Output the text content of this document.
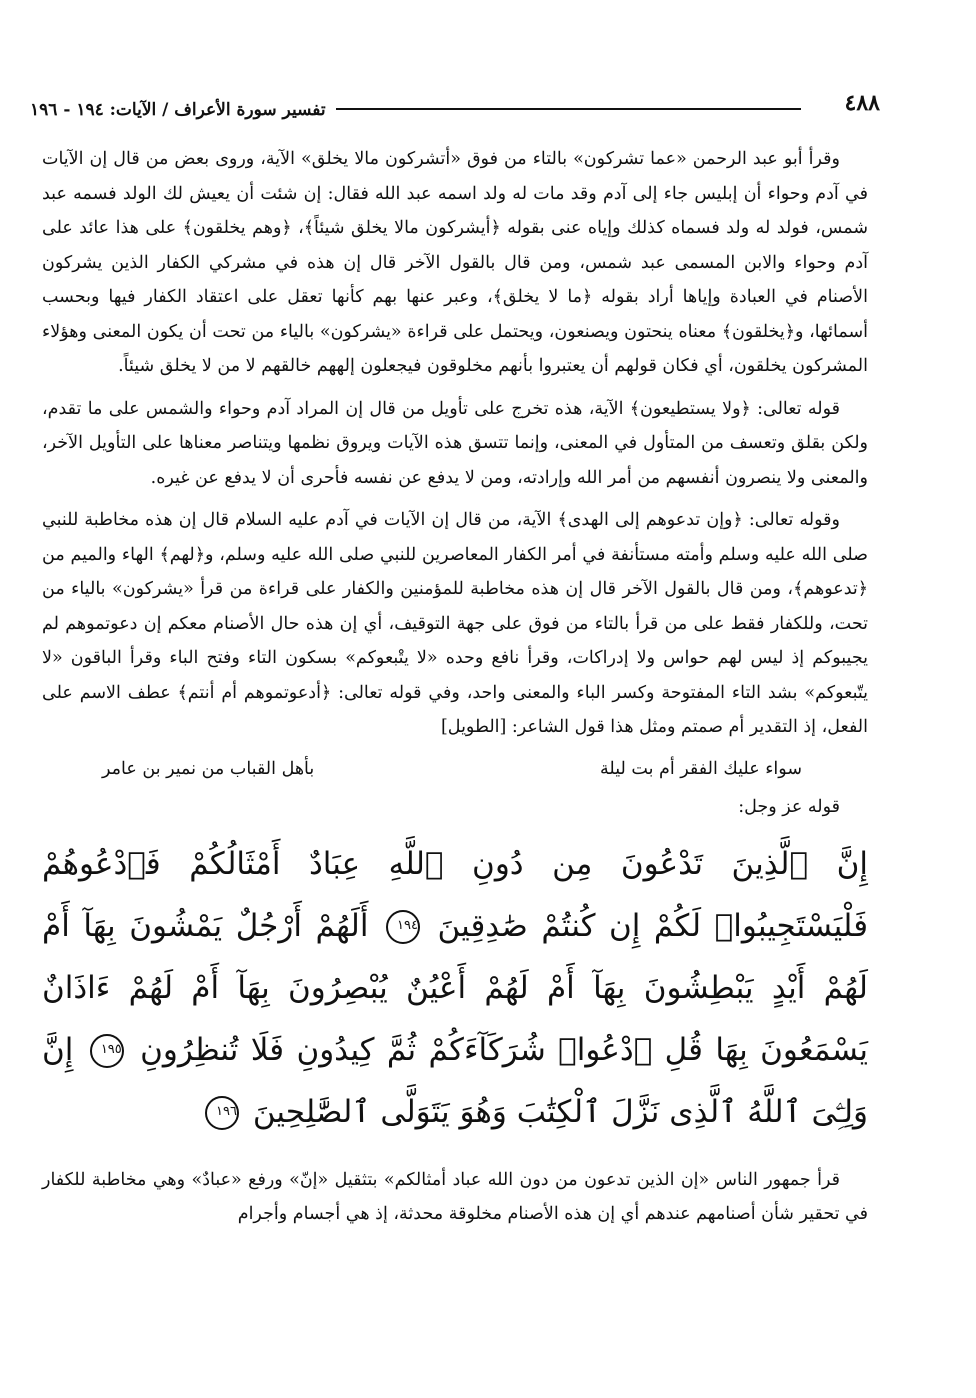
٤٨٨
تفسير سورة الأعراف / الآيات: ١٩٤ - ١٩٦

وقرأ أبو عبد الرحمن «عما تشركون» بالتاء من فوق «أتشركون مالا يخلق» الآية، وروى بعض من قال إن الآيات في آدم وحواء أن إبليس جاء إلى آدم وقد مات له ولد اسمه عبد الله فقال: إن شئت أن يعيش لك الولد فسمه عبد شمس، فولد له ولد فسماه كذلك وإياه عنى بقوله ﴿أيشركون مالا يخلق شيئاً﴾، ﴿وهم يخلقون﴾ على هذا عائد على آدم وحواء والابن المسمى عبد شمس، ومن قال بالقول الآخر قال إن هذه في مشركي الكفار الذين يشركون الأصنام في العبادة وإياها أراد بقوله ﴿ما لا يخلق﴾، وعبر عنها بهم كأنها تعقل على اعتقاد الكفار فيها وبحسب أسمائها، و﴿يخلقون﴾ معناه ينحتون ويصنعون، ويحتمل على قراءة «يشركون» بالياء من تحت أن يكون المعنى وهؤلاء المشركون يخلقون، أي فكان قولهم أن يعتبروا بأنهم مخلوقون فيجعلون إلههم خالقهم لا من لا يخلق شيئاً.

قوله تعالى: ﴿ولا يستطيعون﴾ الآية، هذه تخرج على تأويل من قال إن المراد آدم وحواء والشمس على ما تقدم، ولكن بقلق وتعسف من المتأول في المعنى، وإنما تتسق هذه الآيات ويروق نظمها ويتناصر معناها على التأويل الآخر، والمعنى ولا ينصرون أنفسهم من أمر الله وإرادته، ومن لا يدفع عن نفسه فأحرى أن لا يدفع عن غيره.

وقوله تعالى: ﴿وإن تدعوهم إلى الهدى﴾ الآية، من قال إن الآيات في آدم عليه السلام قال إن هذه مخاطبة للنبي صلى الله عليه وسلم وأمته مستأنفة في أمر الكفار المعاصرين للنبي صلى الله عليه وسلم، و﴿لهم﴾ الهاء والميم من ﴿تدعوهم﴾، ومن قال بالقول الآخر قال إن هذه مخاطبة للمؤمنين والكفار على قراءة من قرأ «يشركون» بالياء من تحت، وللكفار فقط على من قرأ بالتاء من فوق على جهة التوقيف، أي إن هذه حال الأصنام معكم إن دعوتموهم لم يجيبوكم إذ ليس لهم حواس ولا إدراكات، وقرأ نافع وحده «لا يتْبعوكم» بسكون التاء وفتح الباء وقرأ الباقون «لا يتّبعوكم» بشد التاء المفتوحة وكسر الباء والمعنى واحد، وفي قوله تعالى: ﴿أدعوتموهم أم أنتم﴾ عطف الاسم على الفعل، إذ التقدير أم صمتم ومثل هذا قول الشاعر: [الطويل]

سواء عليك الفقر أم بت ليلة
بأهل القباب من نمير بن عامر
قوله عز وجل:
إِنَّ ٱلَّذِينَ تَدْعُونَ مِن دُونِ ٱللَّهِ عِبَادٌ أَمْثَالُكُمْ فَٱدْعُوهُمْ فَلْيَسْتَجِيبُوا۟ لَكُمْ إِن كُنتُمْ صَٰدِقِينَ ١٩٤ أَلَهُمْ أَرْجُلٌ يَمْشُونَ بِهَآ أَمْ لَهُمْ أَيْدٍ يَبْطِشُونَ بِهَآ أَمْ لَهُمْ أَعْيُنٌ يُبْصِرُونَ بِهَآ أَمْ لَهُمْ ءَاذَانٌ يَسْمَعُونَ بِهَا قُلِ ٱدْعُوا۟ شُرَكَآءَكُمْ ثُمَّ كِيدُونِ فَلَا تُنظِرُونِ ١٩٥ إِنَّ وَلِـِّۧىَ ٱللَّهُ ٱلَّذِى نَزَّلَ ٱلْكِتَٰبَ وَهُوَ يَتَوَلَّى ٱلصَّٰلِحِينَ ١٩٦

قرأ جمهور الناس «إن الذين تدعون من دون الله عباد أمثالكم» بتثقيل «إنّ» ورفع «عبادٌ» وهي مخاطبة للكفار في تحقير شأن أصنامهم عندهم أي إن هذه الأصنام مخلوقة محدثة، إذ هي أجسام وأجرام
